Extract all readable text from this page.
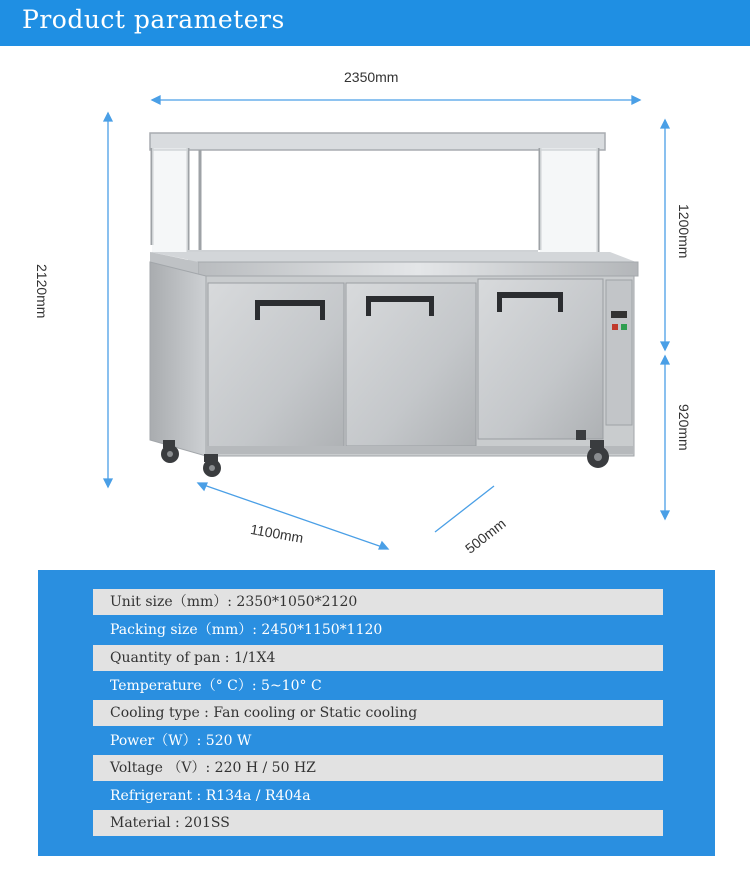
Product parameters
2350mm
2120mm
1200mm
920mm
1100mm	500mm
Unit size（mm）: 2350*1050*2120
Packing size（mm）: 2450*1150*1120
Quantity of pan : 1/1X4
Temperature（° C）: 5~10° C
Cooling type : Fan cooling or Static cooling
Power（W）: 520 W
Voltage （V）: 220 H / 50 HZ
Refrigerant : R134a / R404a
Material : 201SS
